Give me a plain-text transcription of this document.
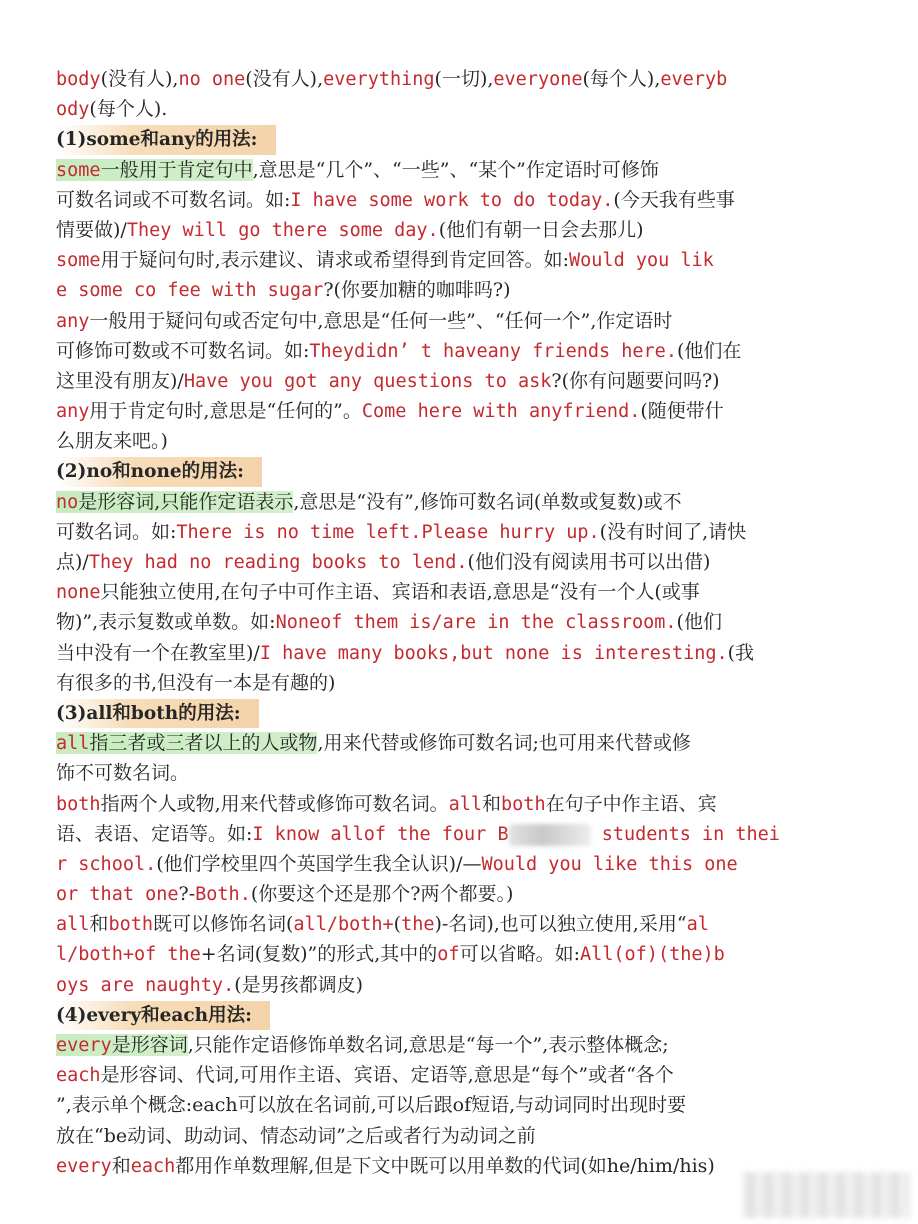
body(没有人),no one(没有人),everything(一切),everyone(每个人),everyb
ody(每个人).
(1)some和any的用法:
some一般用于肯定句中,意思是“几个”、“一些”、“某个”作定语时可修饰
可数名词或不可数名词。如:I have some work to do today.(今天我有些事
情要做)/They will go there some day.(他们有朝一日会去那儿)
some用于疑问句时,表示建议、请求或希望得到肯定回答。如:Would you lik
e some co fee with sugar?(你要加糖的咖啡吗?)
any一般用于疑问句或否定句中,意思是“任何一些”、“任何一个”,作定语时
可修饰可数或不可数名词。如:Theydidn’ t haveany friends here.(他们在
这里没有朋友)/Have you got any questions to ask?(你有问题要问吗?)
any用于肯定句时,意思是“任何的”。Come here with anyfriend.(随便带什
么朋友来吧。)
(2)no和none的用法:
no是形容词,只能作定语表示,意思是“没有”,修饰可数名词(单数或复数)或不
可数名词。如:There is no time left.Please hurry up.(没有时间了,请快
点)/They had no reading books to lend.(他们没有阅读用书可以出借)
none只能独立使用,在句子中可作主语、宾语和表语,意思是“没有一个人(或事
物)”,表示复数或单数。如:Noneof them is/are in the classroom.(他们
当中没有一个在教室里)/I have many books,but none is interesting.(我
有很多的书,但没有一本是有趣的)
(3)all和both的用法:
all指三者或三者以上的人或物,用来代替或修饰可数名词;也可用来代替或修
饰不可数名词。
both指两个人或物,用来代替或修饰可数名词。all和both在句子中作主语、宾
语、表语、定语等。如:I know allof the four B	students in thei
r school.(他们学校里四个英国学生我全认识)/—Would you like this one
or that one?-Both.(你要这个还是那个?两个都要。)
all和both既可以修饰名词(all/both+(the)-名词),也可以独立使用,采用“al
l/both+of the+名词(复数)”的形式,其中的of可以省略。如:All(of)(the)b
oys are naughty.(是男孩都调皮)
(4)every和each用法:
every是形容词,只能作定语修饰单数名词,意思是“每一个”,表示整体概念;
each是形容词、代词,可用作主语、宾语、定语等,意思是“每个”或者“各个
”,表示单个概念:each可以放在名词前,可以后跟of短语,与动词同时出现时要
放在“be动词、助动词、情态动词”之后或者行为动词之前
every和each都用作单数理解,但是下文中既可以用单数的代词(如he/him/his)
